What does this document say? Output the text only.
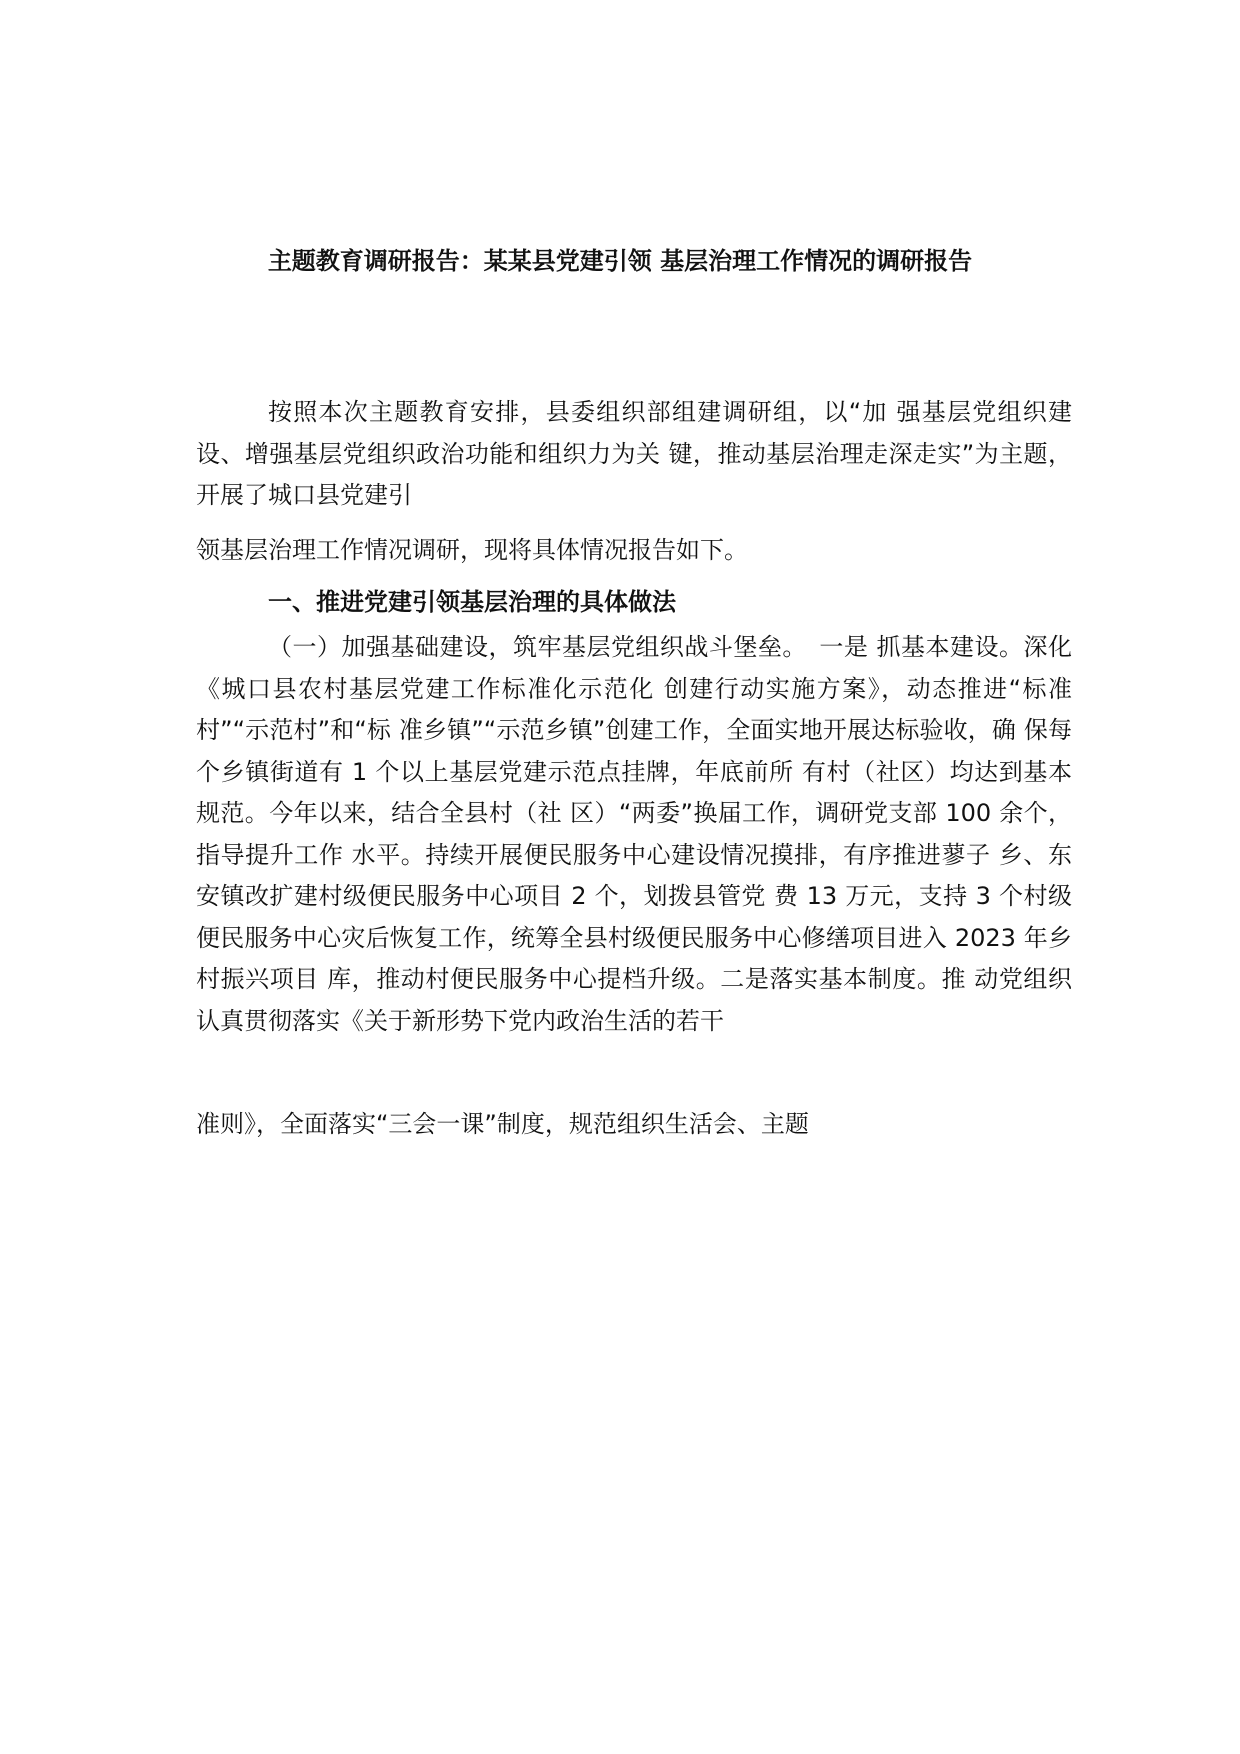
主题教育调研报告：某某县党建引领 基层治理工作情况的调研报告

按照本次主题教育安排，县委组织部组建调研组，以“加 强基层党组织建设、增强基层党组织政治功能和组织力为关 键，推动基层治理走深走实”为主题，开展了城口县党建引

领基层治理工作情况调研，现将具体情况报告如下。

一、推进党建引领基层治理的具体做法

（一）加强基础建设，筑牢基层党组织战斗堡垒。　一是 抓基本建设。深化《城口县农村基层党建工作标准化示范化 创建行动实施方案》，动态推进“标准村”“示范村”和“标 准乡镇”“示范乡镇”创建工作，全面实地开展达标验收，确 保每个乡镇街道有 1 个以上基层党建示范点挂牌，年底前所 有村（社区）均达到基本规范。今年以来，结合全县村（社 区）“两委”换届工作，调研党支部 100 余个，指导提升工作 水平。持续开展便民服务中心建设情况摸排，有序推进蓼子 乡、东安镇改扩建村级便民服务中心项目 2 个，划拨县管党 费 13 万元，支持 3 个村级便民服务中心灾后恢复工作，统筹全县村级便民服务中心修缮项目进入 2023 年乡村振兴项目 库，推动村便民服务中心提档升级。二是落实基本制度。推 动党组织认真贯彻落实《关于新形势下党内政治生活的若干

准则》，全面落实“三会一课”制度，规范组织生活会、主题
